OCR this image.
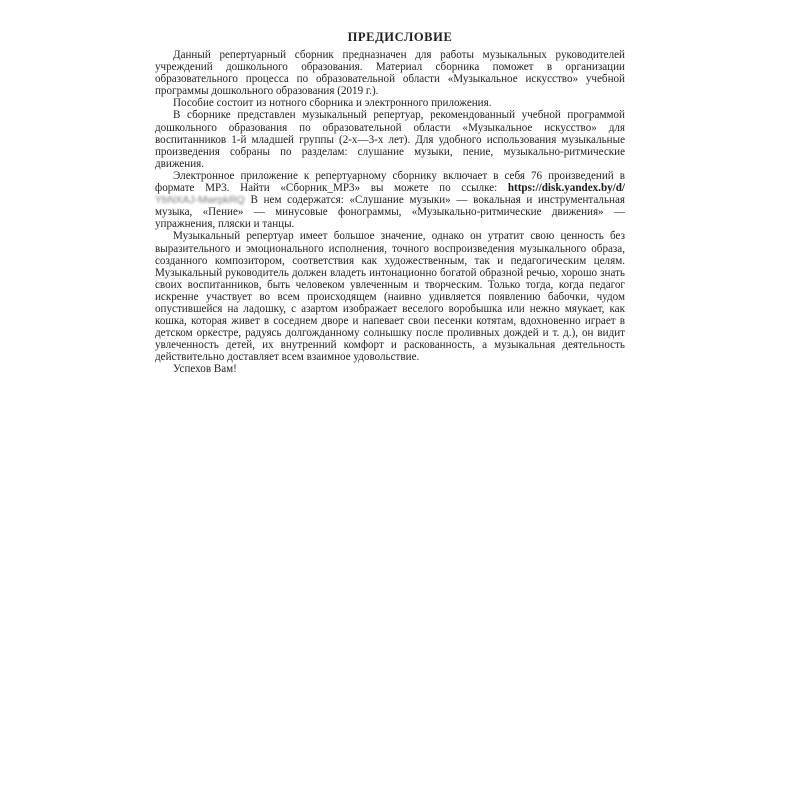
ПРЕДИСЛОВИЕ

Данный репертуарный сборник предназначен для работы музыкальных руководителей учреждений дошкольного образования. Материал сборника поможет в организации образовательного процесса по образовательной области «Музыкальное искусство» учебной программы дошкольного образования (2019 г.).

Пособие состоит из нотного сборника и электронного приложения.

В сборнике представлен музыкальный репертуар, рекомендованный учебной программой дошкольного образования по образовательной области «Музыкальное искусство» для воспитанников 1-й младшей группы (2-х—3-х лет). Для удобного использования музыкальные произведения собраны по разделам: слушание музыки, пение, музыкально-ритмические движения.

Электронное приложение к репертуарному сборнику включает в себя 76 произведений в формате МР3. Найти «Сборник_МР3» вы можете по ссылке: https://disk.yandex.by/d/ YbNXAJ-MwrpkRQ В нем содержатся: «Слушание музыки» — вокальная и инструментальная музыка, «Пение» — минусовые фонограммы, «Музыкально-ритмические движения» — упражнения, пляски и танцы.

Музыкальный репертуар имеет большое значение, однако он утратит свою ценность без выразительного и эмоционального исполнения, точного воспроизведения музыкального образа, созданного композитором, соответствия как художественным, так и педагогическим целям. Музыкальный руководитель должен владеть интонационно богатой образной речью, хорошо знать своих воспитанников, быть человеком увлеченным и творческим. Только тогда, когда педагог искренне участвует во всем происходящем (наивно удивляется появлению бабочки, чудом опустившейся на ладошку, с азартом изображает веселого воробышка или нежно мяукает, как кошка, которая живет в соседнем дворе и напевает свои песенки котятам, вдохновенно играет в детском оркестре, радуясь долгожданному солнышку после проливных дождей и т. д.), он видит увлеченность детей, их внутренний комфорт и раскованность, а музыкальная деятельность действительно доставляет всем взаимное удовольствие.

Успехов Вам!
